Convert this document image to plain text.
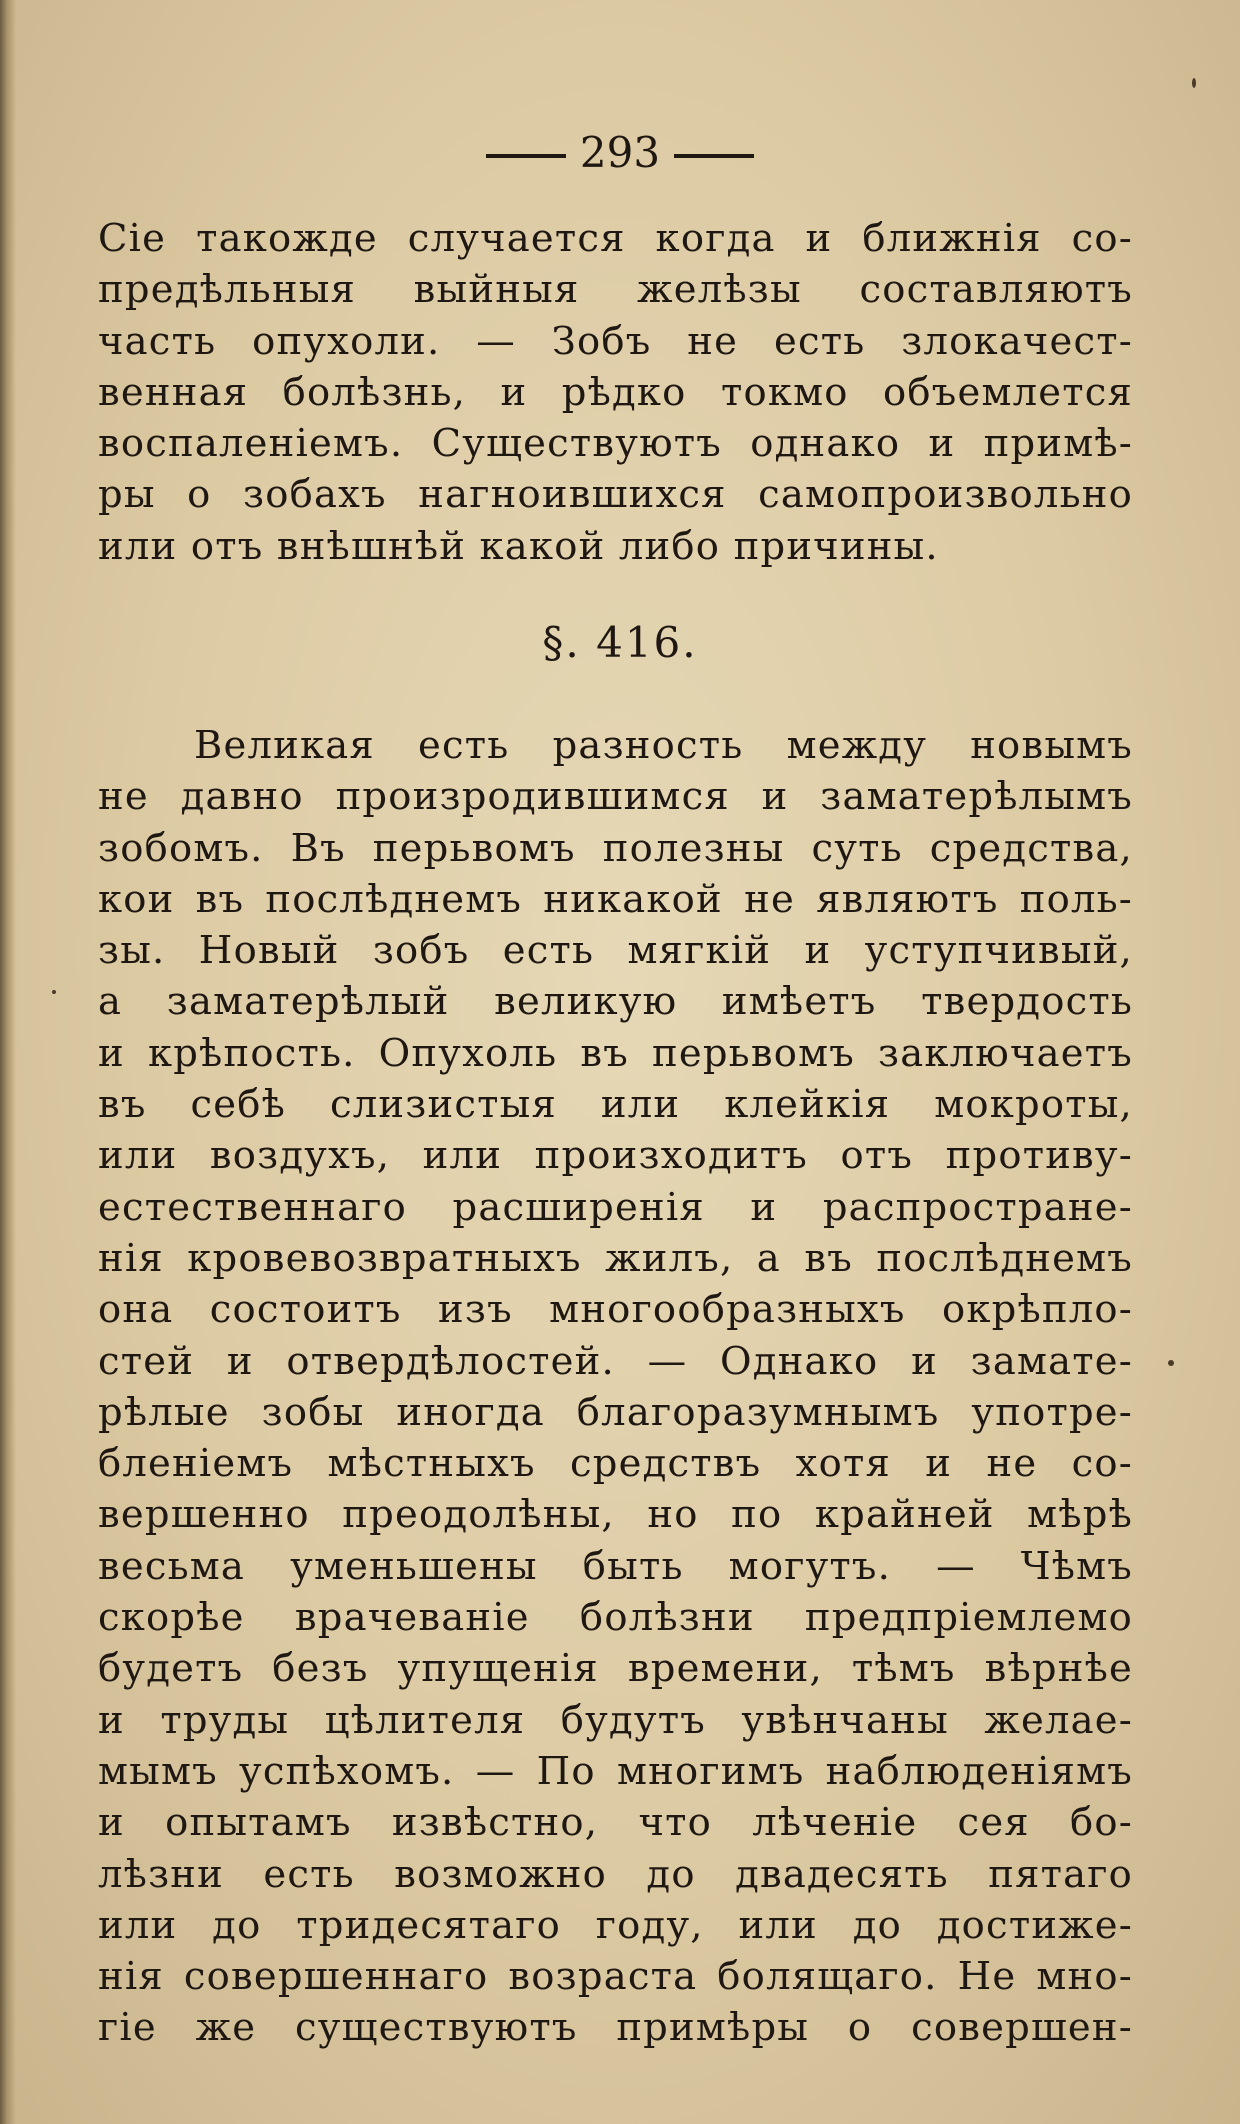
293
Сіе такожде случается когда и ближнія со-
предѣльныя выйныя желѣзы составляютъ
часть опухоли. — Зобъ не есть злокачест-
венная болѣзнь, и рѣдко токмо объемлется
воспаленіемъ. Существуютъ однако и примѣ-
ры о зобахъ нагноившихся самопроизвольно
или отъ внѣшнѣй какой либо причины.
§. 416.
Великая есть разность между новымъ
не давно произродившимся и заматерѣлымъ
зобомъ. Въ перьвомъ полезны суть средства,
кои въ послѣднемъ никакой не являютъ поль-
зы. Новый зобъ есть мягкій и уступчивый,
а заматерѣлый великую имѣетъ твердость
и крѣпость. Опухоль въ перьвомъ заключаетъ
въ себѣ слизистыя или клейкія мокроты,
или воздухъ, или произходитъ отъ противу-
естественнаго расширенія и распростране-
нія кровевозвратныхъ жилъ, а въ послѣднемъ
она состоитъ изъ многообразныхъ окрѣпло-
стей и отвердѣлостей. — Однако и замате-
рѣлые зобы иногда благоразумнымъ употре-
бленіемъ мѣстныхъ средствъ хотя и не со-
вершенно преодолѣны, но по крайней мѣрѣ
весьма уменьшены быть могутъ. — Чѣмъ
скорѣе врачеваніе болѣзни предпріемлемо
будетъ безъ упущенія времени, тѣмъ вѣрнѣе
и труды цѣлителя будутъ увѣнчаны желае-
мымъ успѣхомъ. — По многимъ наблюденіямъ
и опытамъ извѣстно, что лѣченіе сея бо-
лѣзни есть возможно до двадесять пятаго
или до тридесятаго году, или до достиже-
нія совершеннаго возраста болящаго. Не мно-
гіе же существуютъ примѣры о совершен-
